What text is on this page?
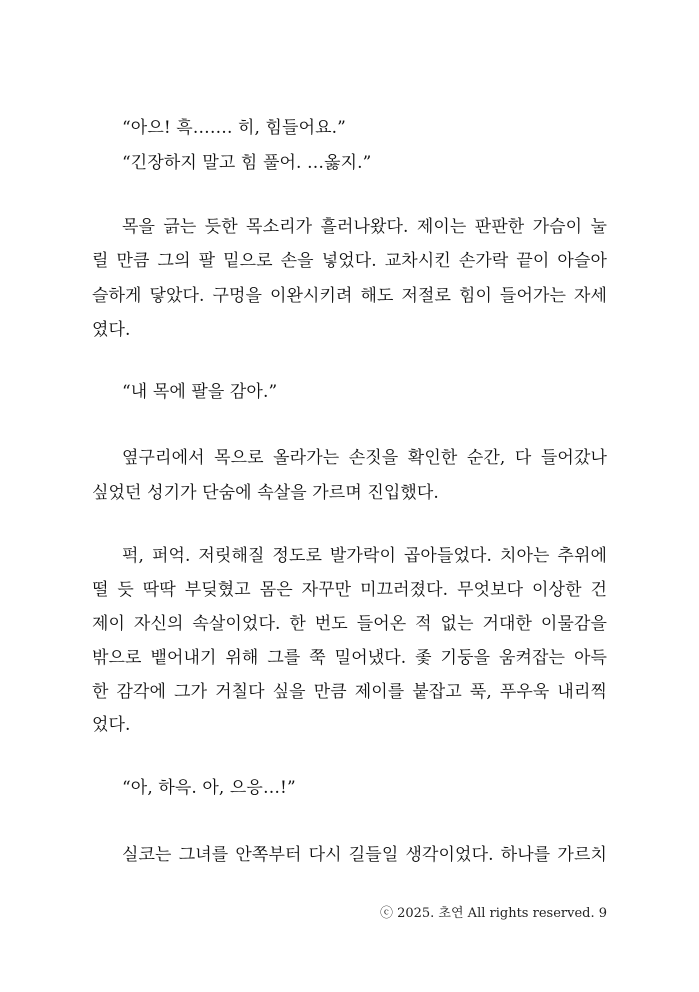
“아으! 흑……. 히, 힘들어요.”
“긴장하지 말고 힘 풀어. …옳지.”
목을 긁는 듯한 목소리가 흘러나왔다. 제이는 판판한 가슴이 눌
릴 만큼 그의 팔 밑으로 손을 넣었다. 교차시킨 손가락 끝이 아슬아
슬하게 닿았다. 구멍을 이완시키려 해도 저절로 힘이 들어가는 자세
였다.
“내 목에 팔을 감아.”
옆구리에서 목으로 올라가는 손짓을 확인한 순간, 다 들어갔나
싶었던 성기가 단숨에 속살을 가르며 진입했다.
퍽, 퍼억. 저릿해질 정도로 발가락이 곱아들었다. 치아는 추위에
떨 듯 딱딱 부딪혔고 몸은 자꾸만 미끄러졌다. 무엇보다 이상한 건
제이 자신의 속살이었다. 한 번도 들어온 적 없는 거대한 이물감을
밖으로 뱉어내기 위해 그를 쭉 밀어냈다. 좇 기둥을 움켜잡는 아득
한 감각에 그가 거칠다 싶을 만큼 제이를 붙잡고 푹, 푸우욱 내리찍
었다.
“아, 하윽. 아, 으응…!”
실코는 그녀를 안쪽부터 다시 길들일 생각이었다. 하나를 가르치
ⓒ 2025. 초연 All rights reserved. 9
